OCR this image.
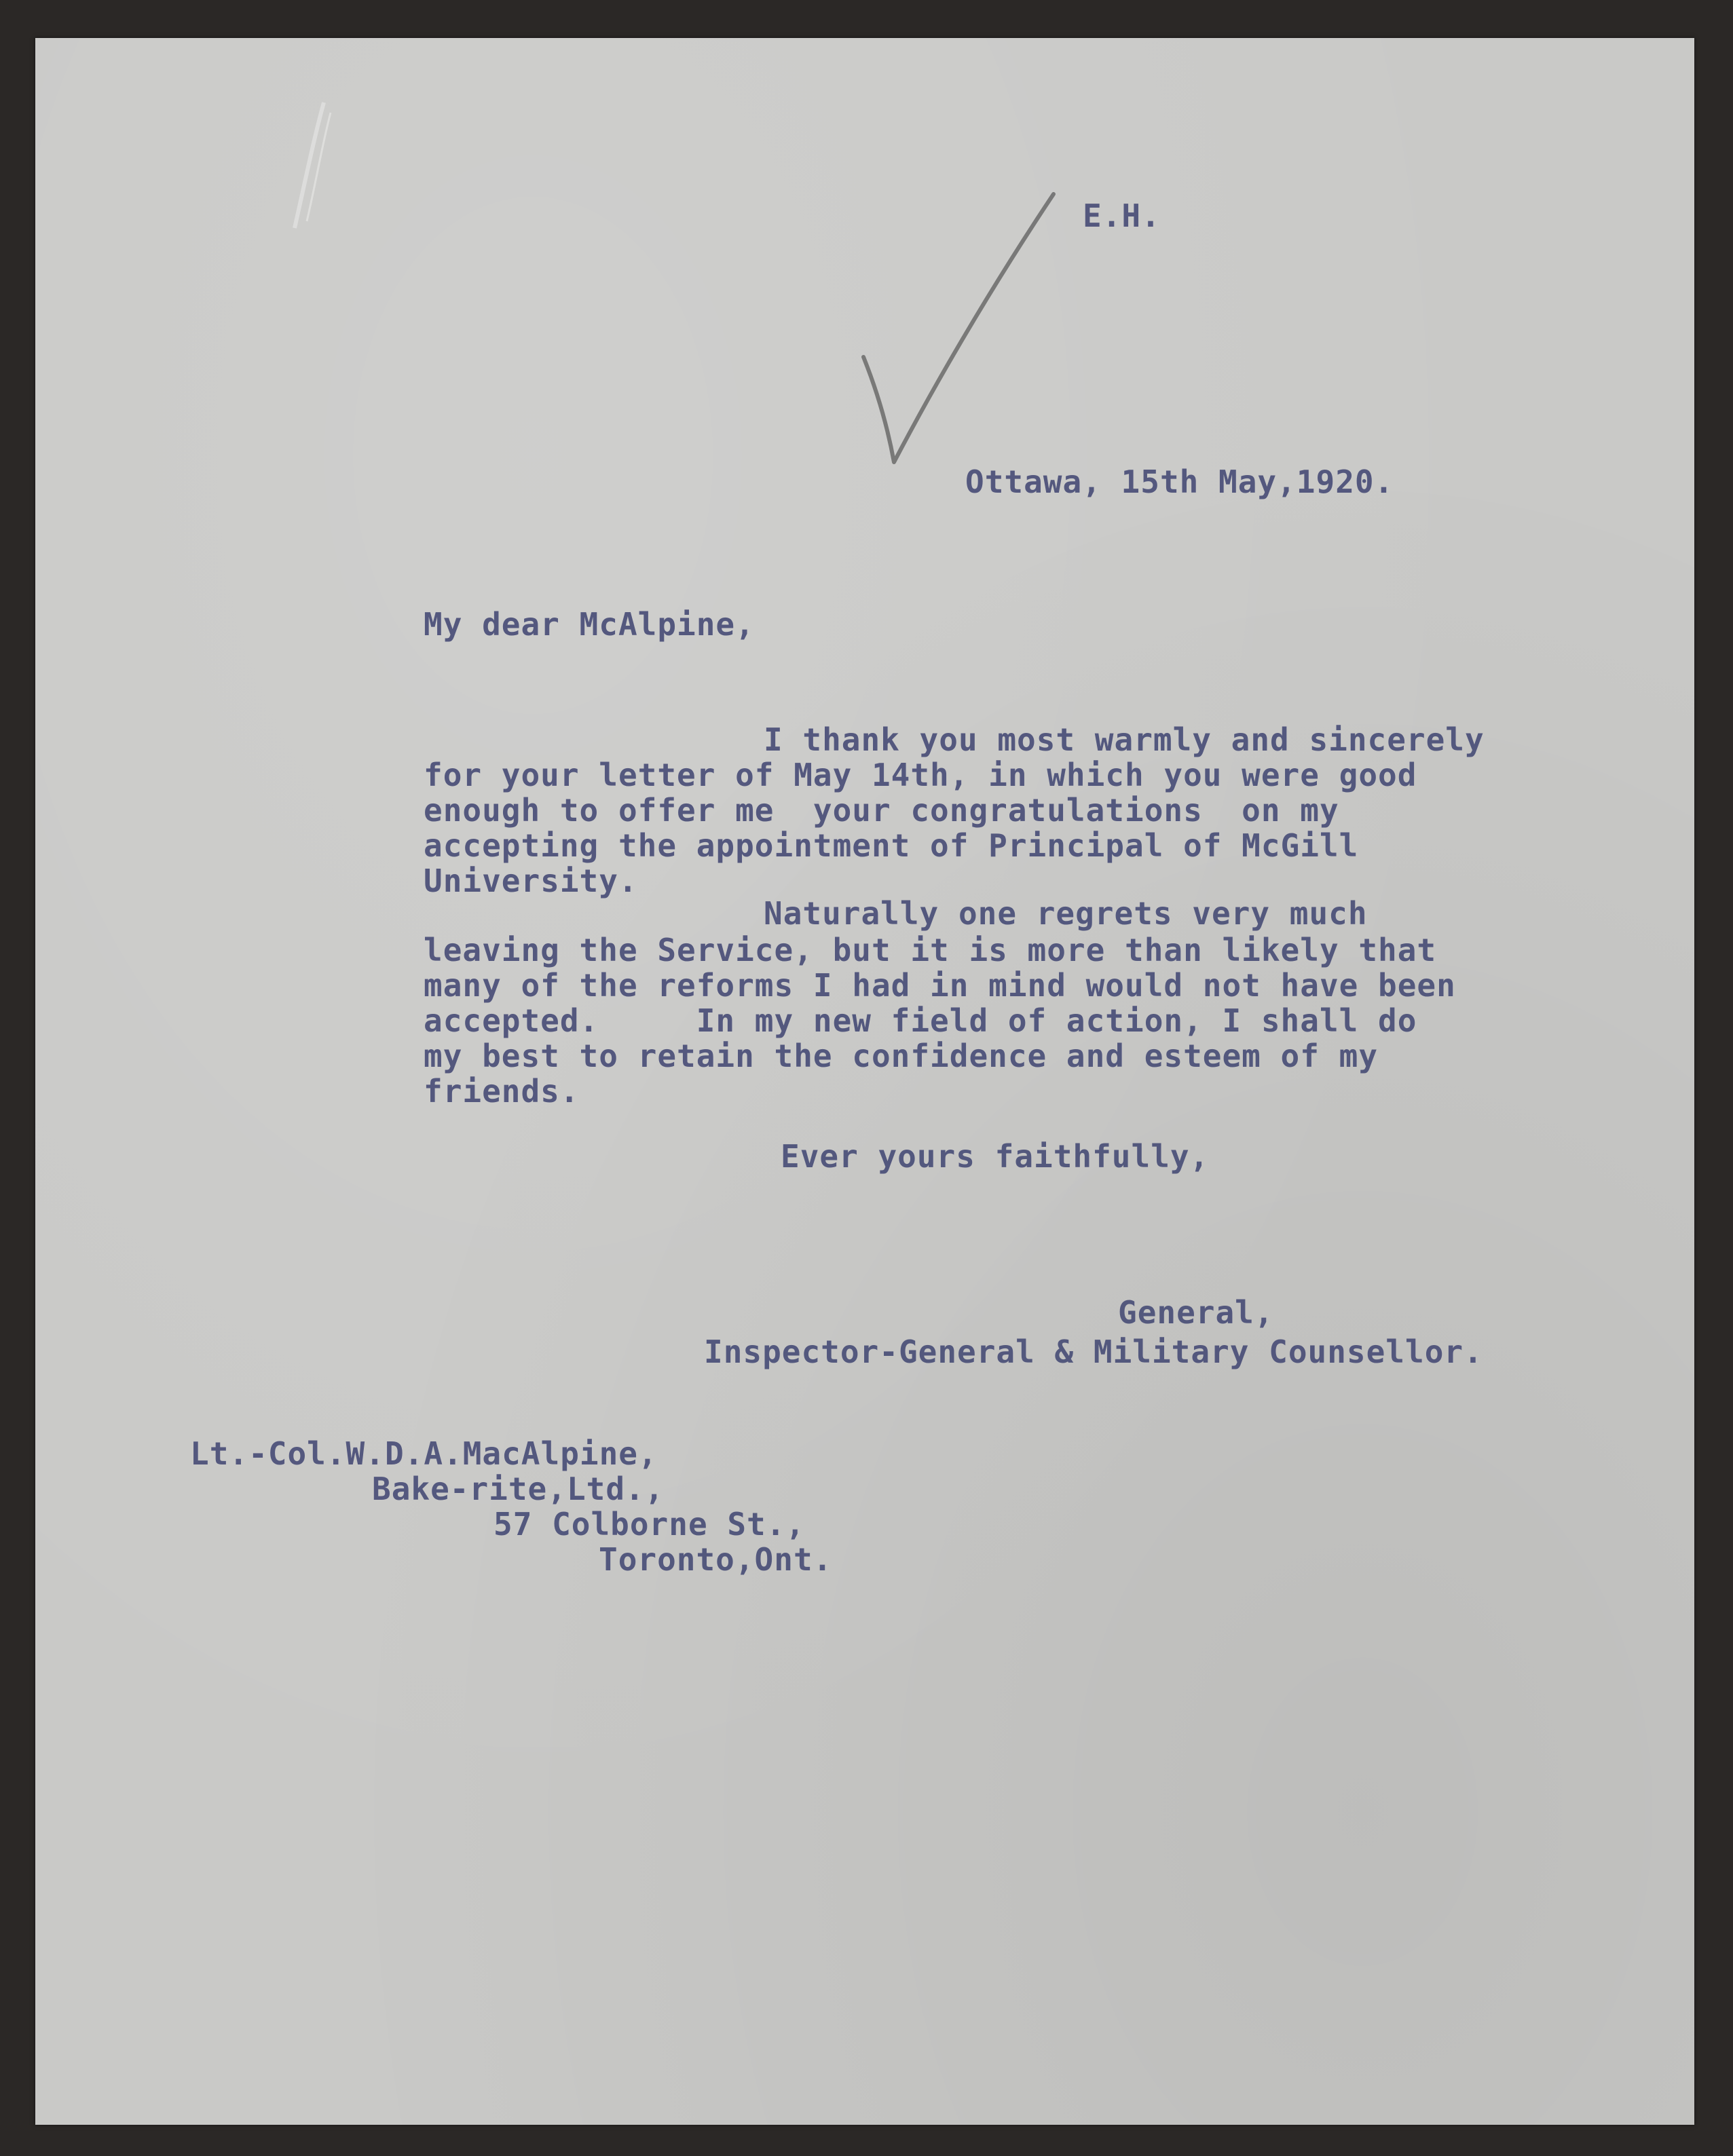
E.H.

Ottawa, 15th May,1920.

My dear McAlpine,

I thank you most warmly and sincerely

for your letter of May 14th, in which you were good

enough to offer me  your congratulations  on my

accepting the appointment of Principal of McGill

University.

Naturally one regrets very much

leaving the Service, but it is more than likely that

many of the reforms I had in mind would not have been

accepted.     In my new field of action, I shall do

my best to retain the confidence and esteem of my

friends.

Ever yours faithfully,

General,

Inspector-General & Military Counsellor.

Lt.-Col.W.D.A.MacAlpine,

Bake-rite,Ltd.,

57 Colborne St.,

Toronto,Ont.
